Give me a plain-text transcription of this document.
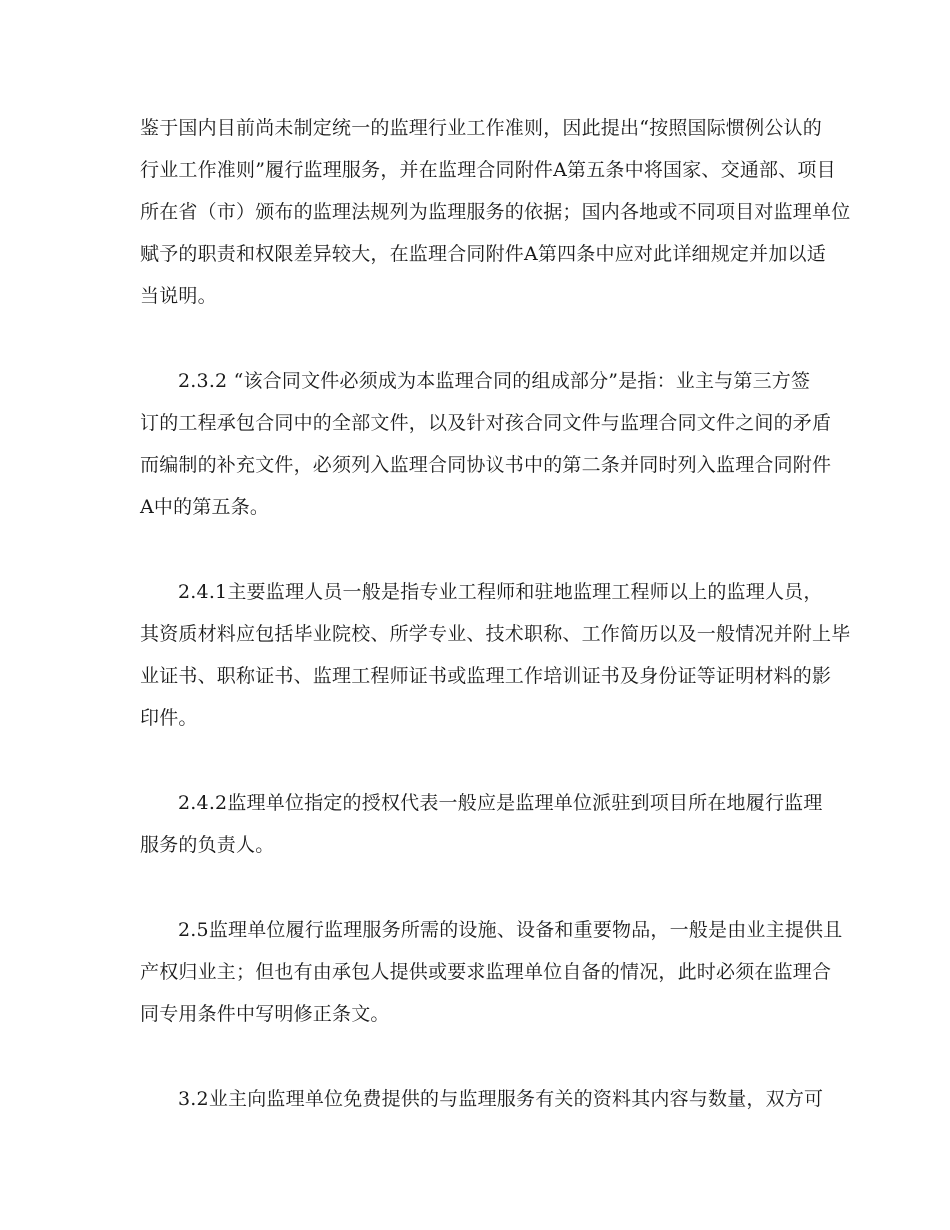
鉴于国内目前尚未制定统一的监理行业工作准则，因此提出“按照国际惯例公认的
行业工作准则”履行监理服务，并在监理合同附件A第五条中将国家、交通部、项目
所在省（市）颁布的监理法规列为监理服务的依据；国内各地或不同项目对监理单位
赋予的职责和权限差异较大，在监理合同附件A第四条中应对此详细规定并加以适
当说明。
2.3.2 “该合同文件必须成为本监理合同的组成部分”是指：业主与第三方签
订的工程承包合同中的全部文件，以及针对孩合同文件与监理合同文件之间的矛盾
而编制的补充文件，必须列入监理合同协议书中的第二条并同时列入监理合同附件
A中的第五条。
2.4.1主要监理人员一般是指专业工程师和驻地监理工程师以上的监理人员，
其资质材料应包括毕业院校、所学专业、技术职称、工作简历以及一般情况并附上毕
业证书、职称证书、监理工程师证书或监理工作培训证书及身份证等证明材料的影
印件。
2.4.2监理单位指定的授权代表一般应是监理单位派驻到项目所在地履行监理
服务的负责人。
2.5监理单位履行监理服务所需的设施、设备和重要物品，一般是由业主提供且
产权归业主；但也有由承包人提供或要求监理单位自备的情况，此时必须在监理合
同专用条件中写明修正条文。
3.2业主向监理单位免费提供的与监理服务有关的资料其内容与数量，双方可
